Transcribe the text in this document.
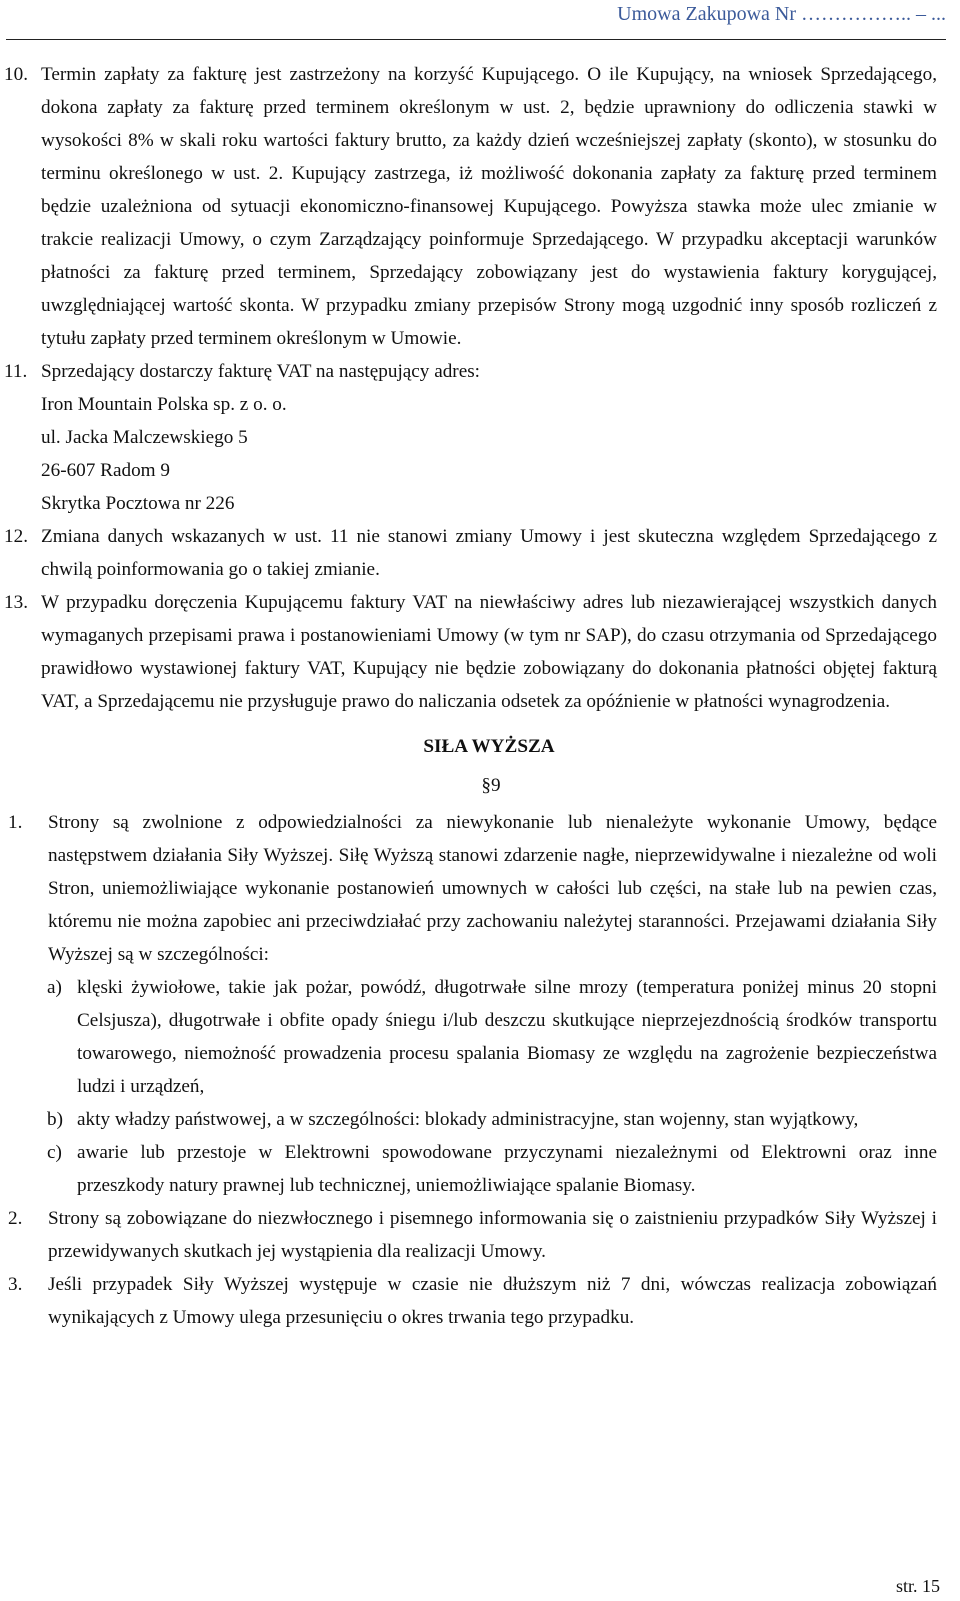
Umowa Zakupowa Nr …………….. – ...
10. Termin zapłaty za fakturę jest zastrzeżony na korzyść Kupującego. O ile Kupujący, na wniosek Sprzedającego, dokona zapłaty za fakturę przed terminem określonym w ust. 2, będzie uprawniony do odliczenia stawki w wysokości 8% w skali roku wartości faktury brutto, za każdy dzień wcześniejszej zapłaty (skonto), w stosunku do terminu określonego w ust. 2. Kupujący zastrzega, iż możliwość dokonania zapłaty za fakturę przed terminem będzie uzależniona od sytuacji ekonomiczno-finansowej Kupującego. Powyższa stawka może ulec zmianie w trakcie realizacji Umowy, o czym Zarządzający poinformuje Sprzedającego. W przypadku akceptacji warunków płatności za fakturę przed terminem, Sprzedający zobowiązany jest do wystawienia faktury korygującej, uwzględniającej wartość skonta. W przypadku zmiany przepisów Strony mogą uzgodnić inny sposób rozliczeń z tytułu zapłaty przed terminem określonym w Umowie.
11. Sprzedający dostarczy fakturę VAT na następujący adres:
Iron Mountain Polska sp. z o. o.
ul. Jacka Malczewskiego 5
26-607 Radom 9
Skrytka Pocztowa nr 226
12. Zmiana danych wskazanych w ust. 11 nie stanowi zmiany Umowy i jest skuteczna względem Sprzedającego z chwilą poinformowania go o takiej zmianie.
13. W przypadku doręczenia Kupującemu faktury VAT na niewłaściwy adres lub niezawierającej wszystkich danych wymaganych przepisami prawa i postanowieniami Umowy (w tym nr SAP), do czasu otrzymania od Sprzedającego prawidłowo wystawionej faktury VAT, Kupujący nie będzie zobowiązany do dokonania płatności objętej fakturą VAT, a Sprzedającemu nie przysługuje prawo do naliczania odsetek za opóźnienie w płatności wynagrodzenia.
SIŁA WYŻSZA
§9
1. Strony są zwolnione z odpowiedzialności za niewykonanie lub nienależyte wykonanie Umowy, będące następstwem działania Siły Wyższej. Siłę Wyższą stanowi zdarzenie nagłe, nieprzewidywalne i niezależne od woli Stron, uniemożliwiające wykonanie postanowień umownych w całości lub części, na stałe lub na pewien czas, któremu nie można zapobiec ani przeciwdziałać przy zachowaniu należytej staranności. Przejawami działania Siły Wyższej są w szczególności:
a) klęski żywiołowe, takie jak pożar, powódź, długotrwałe silne mrozy (temperatura poniżej minus 20 stopni Celsjusza), długotrwałe i obfite opady śniegu i/lub deszczu skutkujące nieprzejezdnością środków transportu towarowego, niemożność prowadzenia procesu spalania Biomasy ze względu na zagrożenie bezpieczeństwa ludzi i urządzeń,
b) akty władzy państwowej, a w szczególności: blokady administracyjne, stan wojenny, stan wyjątkowy,
c) awarie lub przestoje w Elektrowni spowodowane przyczynami niezależnymi od Elektrowni oraz inne przeszkody natury prawnej lub technicznej, uniemożliwiające spalanie Biomasy.
2. Strony są zobowiązane do niezwłocznego i pisemnego informowania się o zaistnieniu przypadków Siły Wyższej i przewidywanych skutkach jej wystąpienia dla realizacji Umowy.
3. Jeśli przypadek Siły Wyższej występuje w czasie nie dłuższym niż 7 dni, wówczas realizacja zobowiązań wynikających z Umowy ulega przesunięciu o okres trwania tego przypadku.
str. 15
